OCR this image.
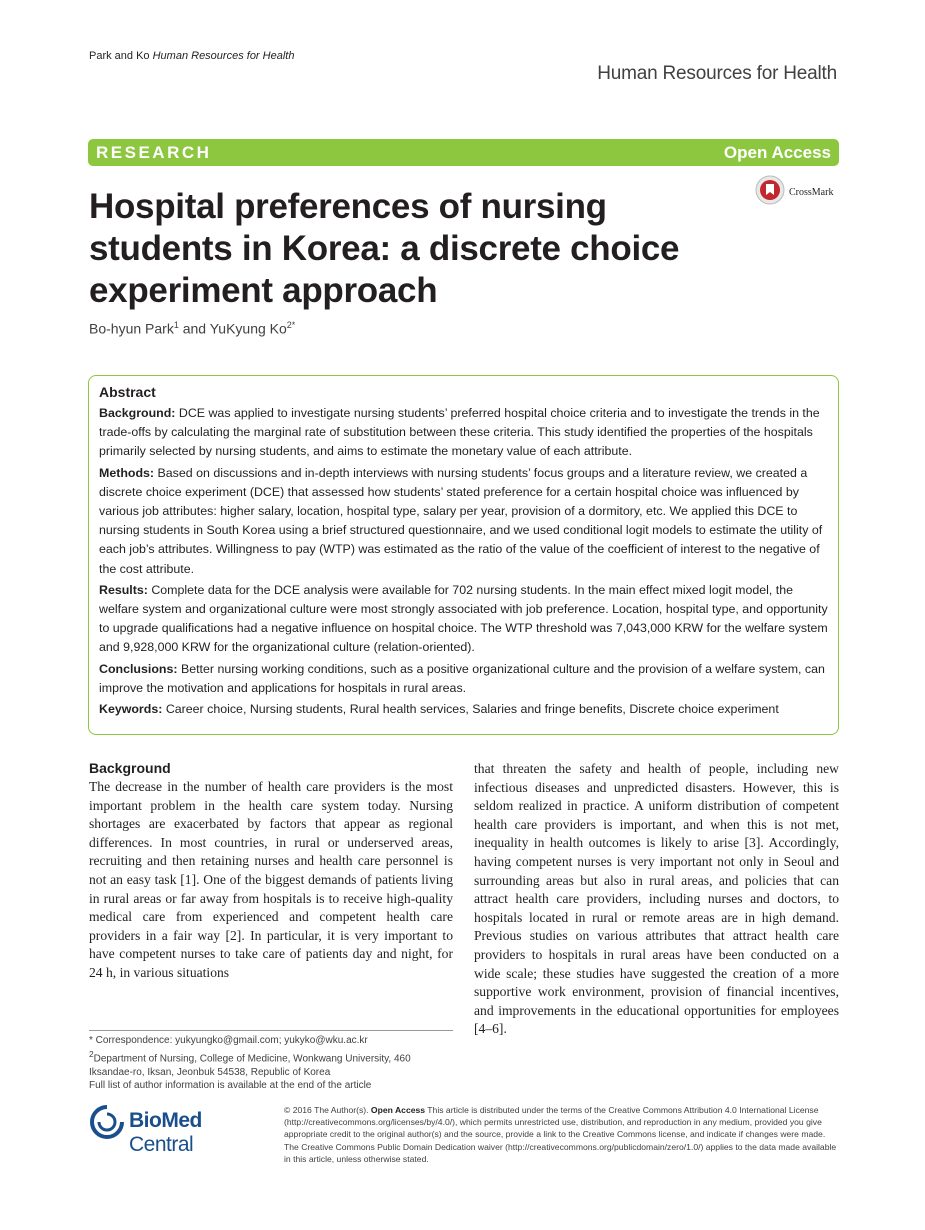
Park and Ko Human Resources for Health
Human Resources for Health
RESEARCH	Open Access
Hospital preferences of nursing students in Korea: a discrete choice experiment approach
CrossMark
Bo-hyun Park$^1$ and YuKyung $Ko^{2*}$
Abstract

Background: DCE was applied to investigate nursing students’ preferred hospital choice criteria and to investigate the trends in the trade-offs by calculating the marginal rate of substitution between these criteria. This study identified the properties of the hospitals primarily selected by nursing students, and aims to estimate the monetary value of each attribute.

Methods: Based on discussions and in-depth interviews with nursing students’ focus groups and a literature review, we created a discrete choice experiment (DCE) that assessed how students’ stated preference for a certain hospital choice was influenced by various job attributes: higher salary, location, hospital type, salary per year, provision of a dormitory, etc. We applied this DCE to nursing students in South Korea using a brief structured questionnaire, and we used conditional logit models to estimate the utility of each job’s attributes. Willingness to pay (WTP) was estimated as the ratio of the value of the coefficient of interest to the negative of the cost attribute.

Results: Complete data for the DCE analysis were available for 702 nursing students. In the main effect mixed logit model, the welfare system and organizational culture were most strongly associated with job preference. Location, hospital type, and opportunity to upgrade qualifications had a negative influence on hospital choice. The WTP threshold was 7,043,000 KRW for the welfare system and 9,928,000 KRW for the organizational culture (relation-oriented).

Conclusions: Better nursing working conditions, such as a positive organizational culture and the provision of a welfare system, can improve the motivation and applications for hospitals in rural areas.

Keywords: Career choice, Nursing students, Rural health services, Salaries and fringe benefits, Discrete choice experiment

Background

The decrease in the number of health care providers is the most important problem in the health care system today. Nursing shortages are exacerbated by factors that appear as regional differences. In most countries, in rural or underserved areas, recruiting and then retaining nurses and health care personnel is not an easy task [1]. One of the biggest demands of patients living in rural areas or far away from hospitals is to receive high-quality medical care from experienced and competent health care providers in a fair way [2]. In particular, it is very important to have competent nurses to take care of patients day and night, for 24 h, in various situations

that threaten the safety and health of people, including new infectious diseases and unpredicted disasters. However, this is seldom realized in practice. A uniform distribution of competent health care providers is important, and when this is not met, inequality in health outcomes is likely to arise [3]. Accordingly, having competent nurses is very important not only in Seoul and surrounding areas but also in rural areas, and policies that can attract health care providers, including nurses and doctors, to hospitals located in rural or remote areas are in high demand. Previous studies on various attributes that attract health care providers to hospitals in rural areas have been conducted on a wide scale; these studies have suggested the creation of a more supportive work environment, provision of financial incentives, and improvements in the educational opportunities for employees [4–6].

* Correspondence: yukyungko@gmail.com; yukyko@wku.ac.kr
$^2$Department of Nursing, College of Medicine, Wonkwang University, 460 Iksandae-ro, Iksan, Jeonbuk 54538, Republic of Korea
Full list of author information is available at the end of the article
BioMed Central
© 2016 The Author(s). Open Access This article is distributed under the terms of the Creative Commons Attribution 4.0 International License (http://creativecommons.org/licenses/by/4.0/), which permits unrestricted use, distribution, and reproduction in any medium, provided you give appropriate credit to the original author(s) and the source, provide a link to the Creative Commons license, and indicate if changes were made. The Creative Commons Public Domain Dedication waiver (http://creativecommons.org/publicdomain/zero/1.0/) applies to the data made available in this article, unless otherwise stated.
